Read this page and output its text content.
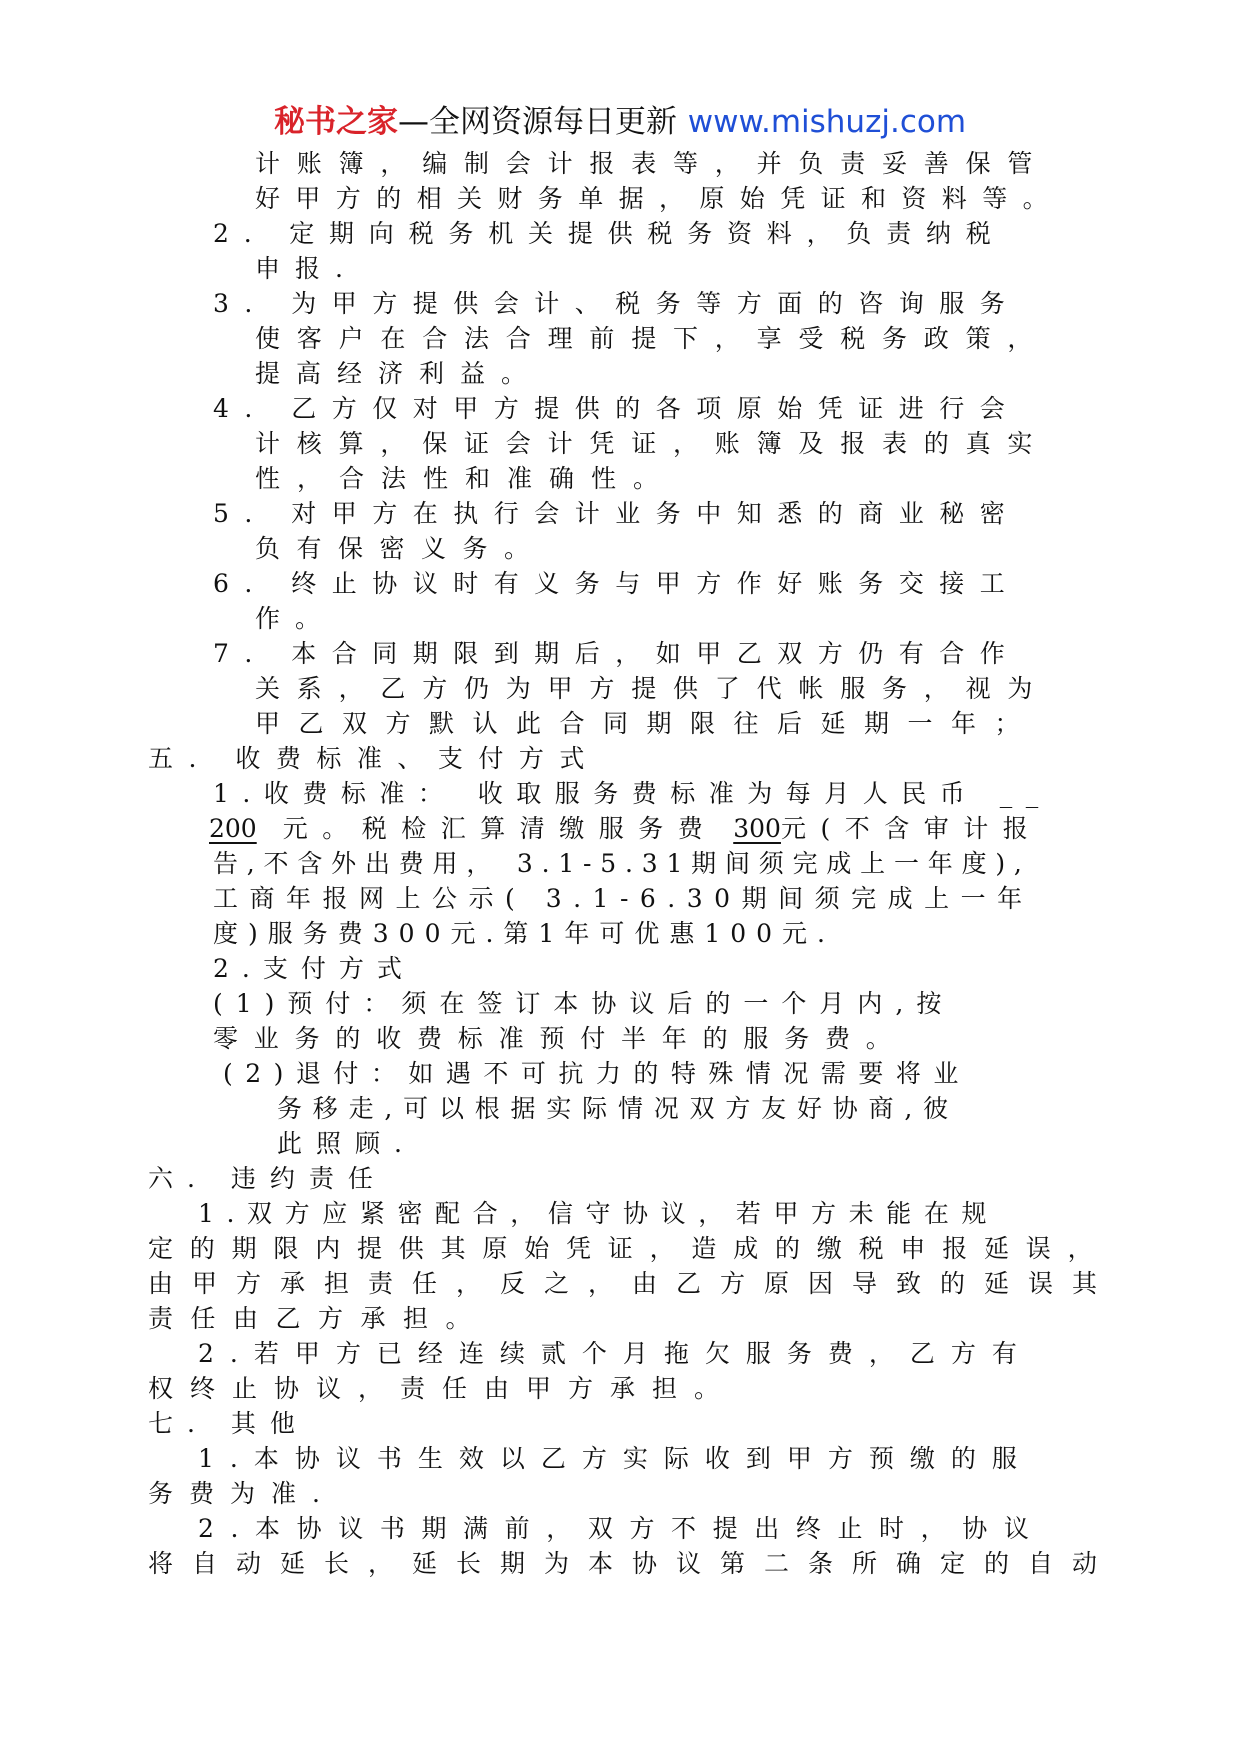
秘书之家—全网资源每日更新 www.mishuzj.com
计账簿，编制会计报表等，并负责妥善保管
好甲方的相关财务单据，原始凭证和资料等。
2. 定期向税务机关提供税务资料，负责纳税
申报.
3. 为甲方提供会计、税务等方面的咨询服务
使客户在合法合理前提下，享受税务政策，
提高经济利益。
4. 乙方仅对甲方提供的各项原始凭证进行会
计核算，保证会计凭证，账簿及报表的真实
性，合法性和准确性。
5. 对甲方在执行会计业务中知悉的商业秘密
负有保密义务。
6. 终止协议时有义务与甲方作好账务交接工
作。
7. 本合同期限到期后，如甲乙双方仍有合作
关系，乙方仍为甲方提供了代帐服务，视为
甲乙双方默认此合同期限往后延期一年；
五. 收费标准、支付方式
1.收费标准： 收取服务费标准为每月人民币 __
200 元。税检汇算清缴服务费 300元(不含审计报
告,不含外出费用， 3.1-5.31期间须完成上一年度),
工商年报网上公示( 3.1-6.30期间须完成上一年
度)服务费300元.第1年可优惠100元.
2.支付方式
(1)预付：须在签订本协议后的一个月内,按
零业务的收费标准预付半年的服务费。
(2)退付：如遇不可抗力的特殊情况需要将业
务移走,可以根据实际情况双方友好协商,彼
此照顾.
六. 违约责任
1.双方应紧密配合，信守协议，若甲方未能在规
定的期限内提供其原始凭证，造成的缴税申报延误，
由甲方承担责任，反之，由乙方原因导致的延误其
责任由乙方承担。
2.若甲方已经连续贰个月拖欠服务费，乙方有
权终止协议，责任由甲方承担。
七. 其他
1.本协议书生效以乙方实际收到甲方预缴的服
务费为准.
2.本协议书期满前，双方不提出终止时，协议
将自动延长，延长期为本协议第二条所确定的自动
